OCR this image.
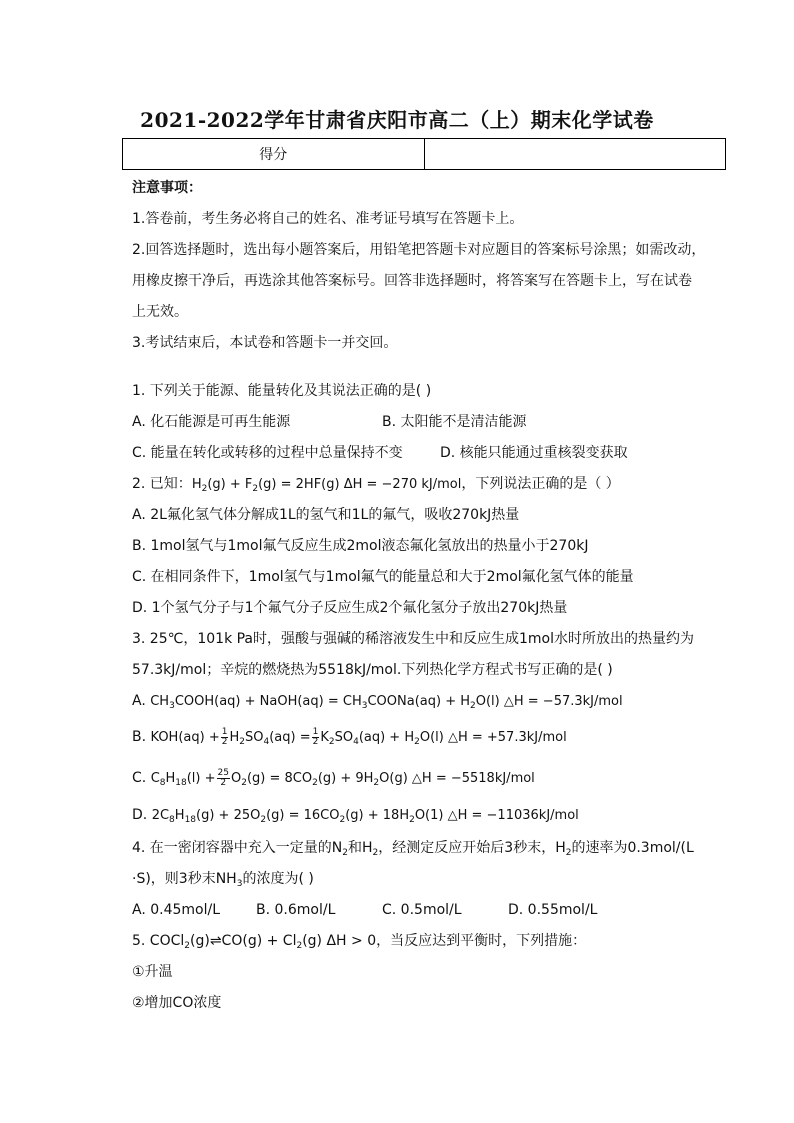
2021-2022学年甘肃省庆阳市高二（上）期末化学试卷
得分
注意事项：
1.答卷前，考生务必将自己的姓名、准考证号填写在答题卡上。
2.回答选择题时，选出每小题答案后，用铅笔把答题卡对应题目的答案标号涂黑；如需改动，
用橡皮擦干净后，再选涂其他答案标号。回答非选择题时，将答案写在答题卡上，写在试卷
上无效。
3.考试结束后，本试卷和答题卡一并交回。
1. 下列关于能源、能量转化及其说法正确的是( )
A. 化石能源是可再生能源	B. 太阳能不是清洁能源
C. 能量在转化或转移的过程中总量保持不变	D. 核能只能通过重核裂变获取
2. 已知：$H_2(g) + F_2(g) = 2HF(g) \Delta H = -270$ kJ/mol，下列说法正确的是（ ）
A. 2L氟化氢气体分解成1L的氢气和1L的氟气，吸收270kJ热量
B. 1mol氢气与1mol氟气反应生成2mol液态氟化氢放出的热量小于270kJ
C. 在相同条件下，1mol氢气与1mol氟气的能量总和大于2mol氟化氢气体的能量
D. 1个氢气分子与1个氟气分子反应生成2个氟化氢分子放出270kJ热量
3. 25℃，101k Pa时，强酸与强碱的稀溶液发生中和反应生成1mol水时所放出的热量约为
57.3kJ/mol；辛烷的燃烧热为5518kJ/mol.下列热化学方程式书写正确的是( )
A. $CH_3COOH(aq)$ + NaOH(aq) = $CH_3COONa(aq) + H_2O(l)$ △H = −57.3kJ/mol
B. $KOH(aq) + \frac{1}{2} H_2SO_4(aq) = \frac{1}{2} K_2SO_4(aq) + H_2O(l)$ △H = +57.3kJ/mol
C. $C_8H_{18}(l) + \frac{25}{2} O_2(g) = 8CO_2(g) + 9H_2O(g)$ △H = −5518kJ/mol
D. $2C_8H_{18}(g) + 25O_2(g) = 16CO_2(g) + 18H_2O(1)$ △H = −11036kJ/mol
4. 在一密闭容器中充入一定量的$N_2$和$H_2$，经测定反应开始后3秒末，$H_2$的速率为0.3mol/(L
·S)，则3秒末$NH_3$的浓度为( )
A. 0.45mol/L	B. 0.6mol/L	C. 0.5mol/L	D. 0.55mol/L
5. COCl$_2$(g)⇌CO(g) + $Cl_2(g) \Delta H > 0$，当反应达到平衡时，下列措施：
①升温
②增加CO浓度
